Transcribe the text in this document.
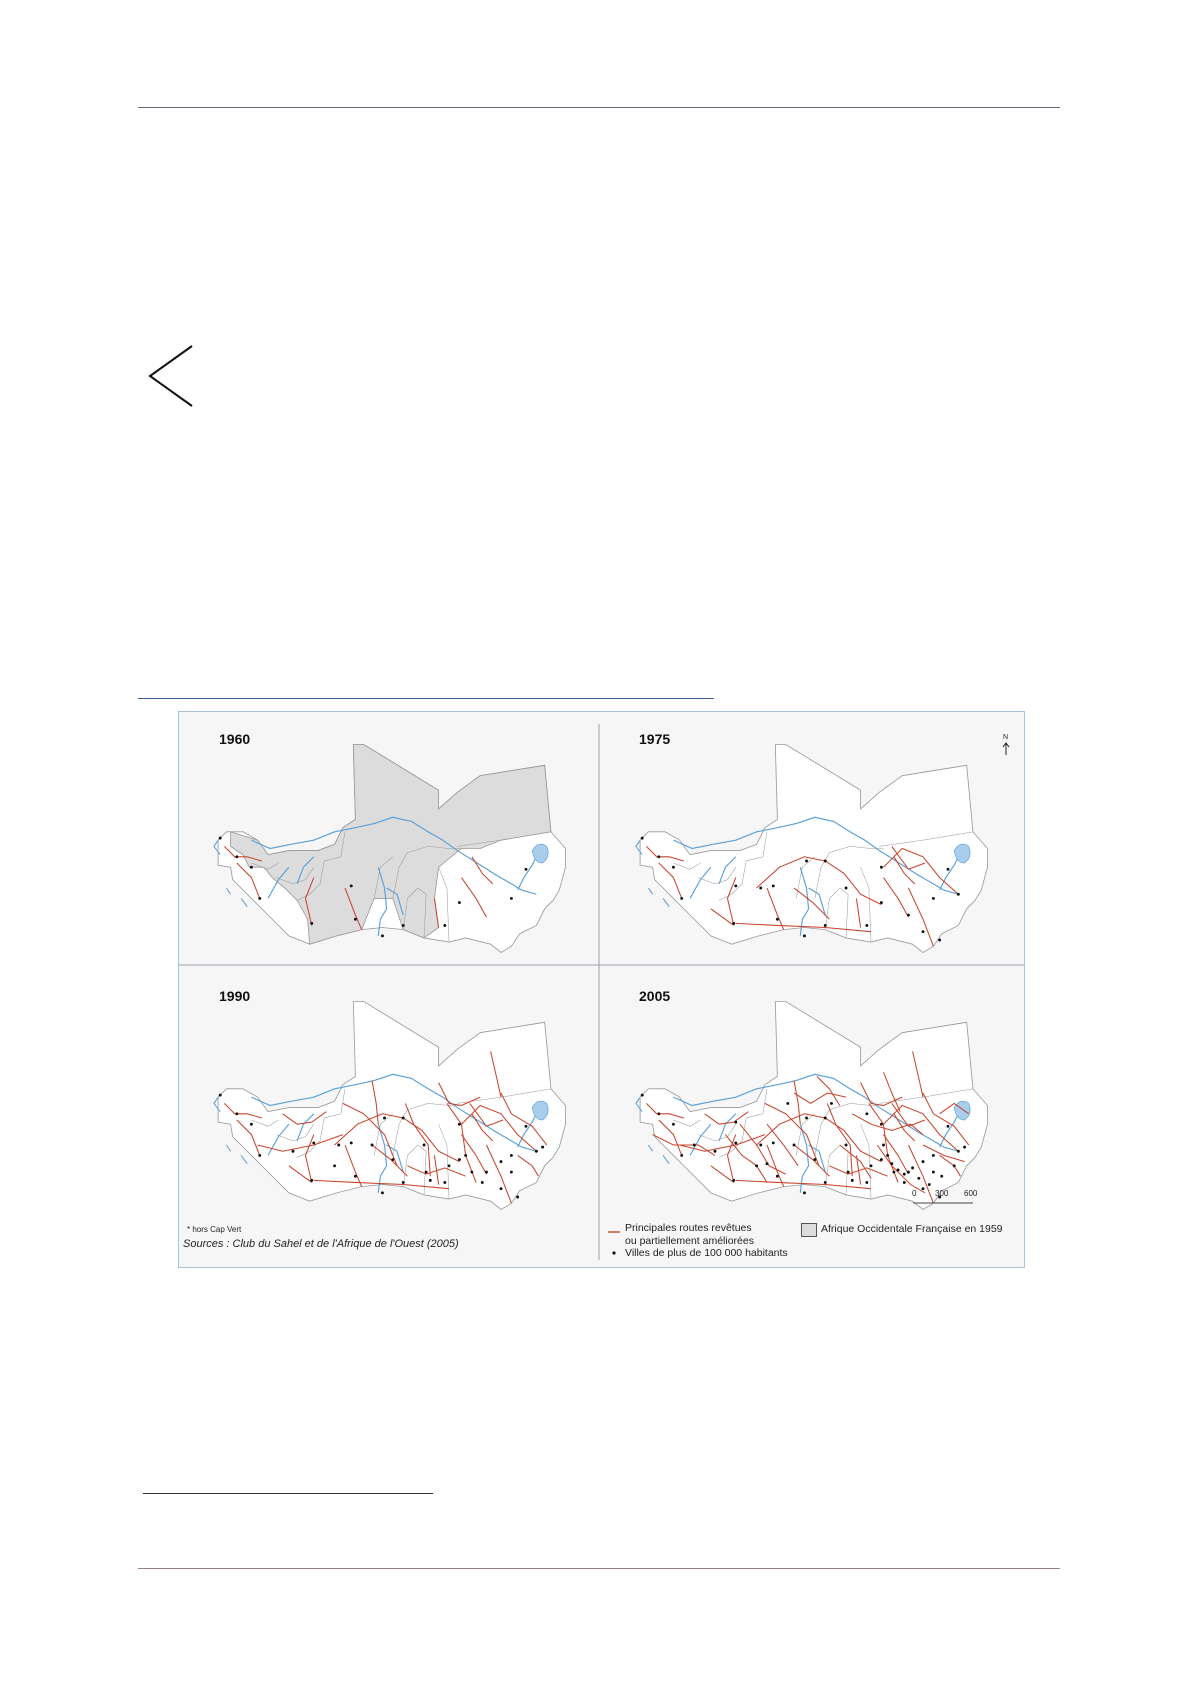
1960	1975
1990	2005
N
* hors Cap Vert
Sources : Club du Sahel et de l'Afrique de l'Ouest (2005)
Principales routes revêtues
ou partiellement améliorées
Villes de plus de 100 000 habitants
Afrique Occidentale Française en 1959
0 300 600
